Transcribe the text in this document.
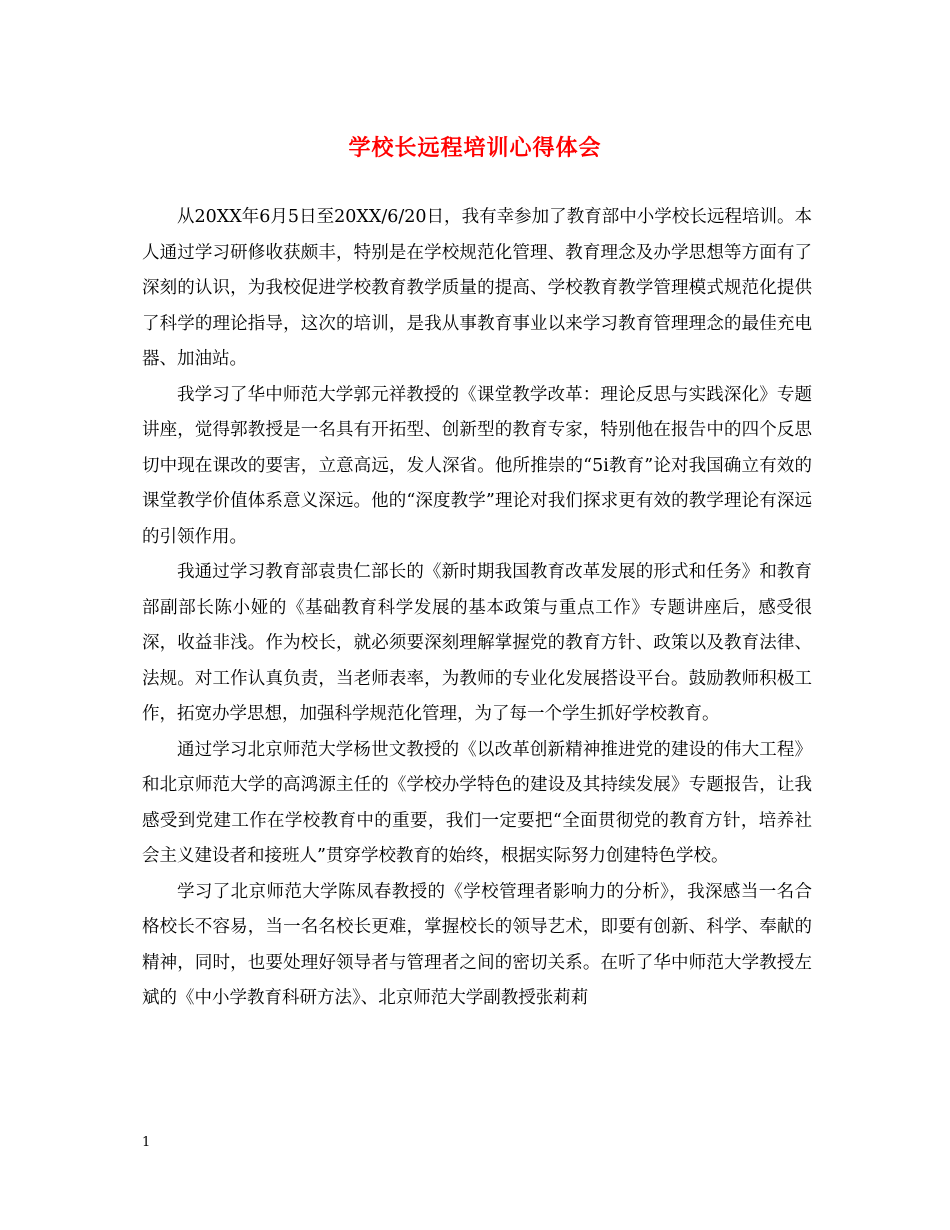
学校长远程培训心得体会

从20XX年6月5日至20XX/6/20日，我有幸参加了教育部中小学校长远程培训。本人通过学习研修收获颇丰，特别是在学校规范化管理、教育理念及办学思想等方面有了深刻的认识，为我校促进学校教育教学质量的提高、学校教育教学管理模式规范化提供了科学的理论指导，这次的培训，是我从事教育事业以来学习教育管理理念的最佳充电器、加油站。

我学习了华中师范大学郭元祥教授的《课堂教学改革：理论反思与实践深化》专题讲座，觉得郭教授是一名具有开拓型、创新型的教育专家，特别他在报告中的四个反思切中现在课改的要害，立意高远，发人深省。他所推崇的“5i教育”论对我国确立有效的课堂教学价值体系意义深远。他的“深度教学”理论对我们探求更有效的教学理论有深远的引领作用。

我通过学习教育部袁贵仁部长的《新时期我国教育改革发展的形式和任务》和教育部副部长陈小娅的《基础教育科学发展的基本政策与重点工作》专题讲座后，感受很深，收益非浅。作为校长，就必须要深刻理解掌握党的教育方针、政策以及教育法律、法规。对工作认真负责，当老师表率，为教师的专业化发展搭设平台。鼓励教师积极工作，拓宽办学思想，加强科学规范化管理，为了每一个学生抓好学校教育。

通过学习北京师范大学杨世文教授的《以改革创新精神推进党的建设的伟大工程》和北京师范大学的高鸿源主任的《学校办学特色的建设及其持续发展》专题报告，让我感受到党建工作在学校教育中的重要，我们一定要把“全面贯彻党的教育方针，培养社会主义建设者和接班人”贯穿学校教育的始终，根据实际努力创建特色学校。

学习了北京师范大学陈凤春教授的《学校管理者影响力的分析》，我深感当一名合格校长不容易，当一名名校长更难，掌握校长的领导艺术，即要有创新、科学、奉献的精神，同时，也要处理好领导者与管理者之间的密切关系。在听了华中师范大学教授左斌的《中小学教育科研方法》、北京师范大学副教授张莉莉

1
